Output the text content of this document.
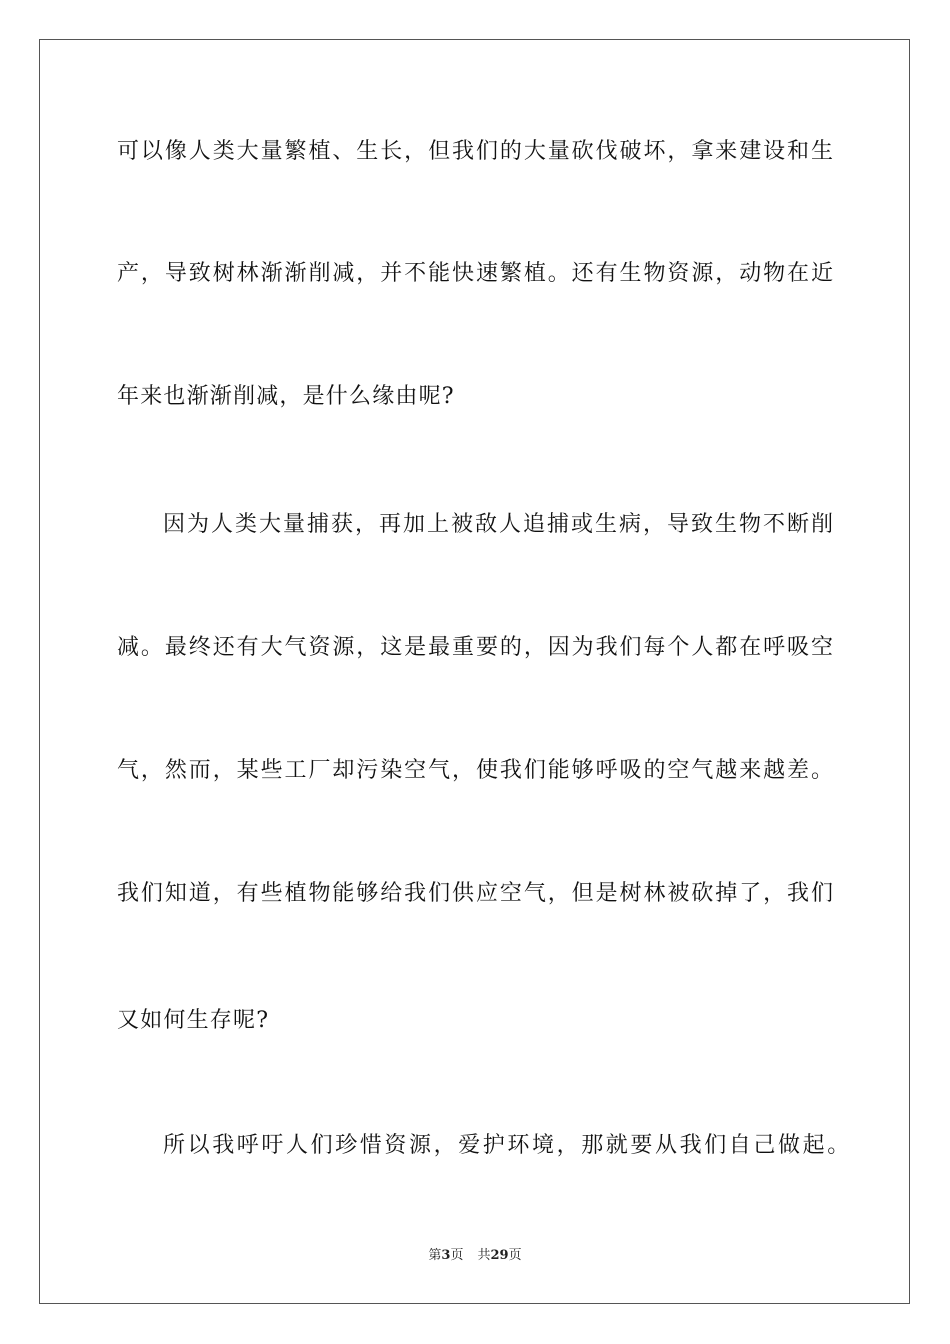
可以像人类大量繁植、生长，但我们的大量砍伐破坏，拿来建设和生
产，导致树林渐渐削减，并不能快速繁植。还有生物资源，动物在近
年来也渐渐削减，是什么缘由呢?
因为人类大量捕获，再加上被敌人追捕或生病，导致生物不断削
减。最终还有大气资源，这是最重要的，因为我们每个人都在呼吸空
气，然而，某些工厂却污染空气，使我们能够呼吸的空气越来越差。
我们知道，有些植物能够给我们供应空气，但是树林被砍掉了，我们
又如何生存呢?
所以我呼吁人们珍惜资源，爱护环境，那就要从我们自己做起。
第3页 共29页
